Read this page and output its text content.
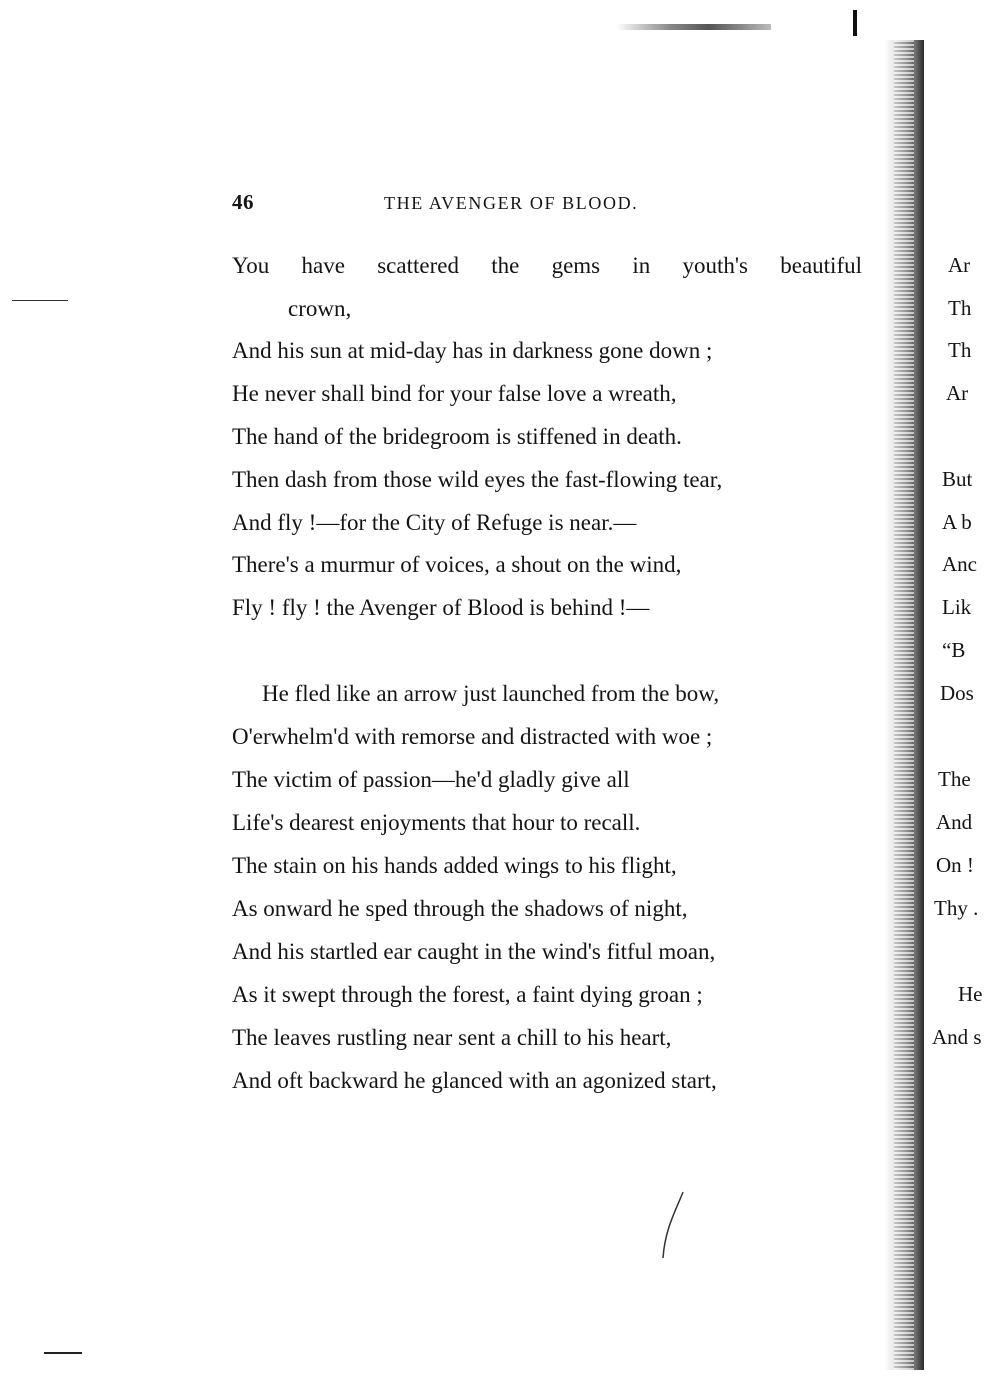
46	THE AVENGER OF BLOOD.
You have scattered the gems in youth's beautiful
crown,
And his sun at mid-day has in darkness gone down ;
He never shall bind for your false love a wreath,
The hand of the bridegroom is stiffened in death.
Then dash from those wild eyes the fast-flowing tear,
And fly !—for the City of Refuge is near.—
There's a murmur of voices, a shout on the wind,
Fly ! fly ! the Avenger of Blood is behind !—
He fled like an arrow just launched from the bow,
O'erwhelm'd with remorse and distracted with woe ;
The victim of passion—he'd gladly give all
Life's dearest enjoyments that hour to recall.
The stain on his hands added wings to his flight,
As onward he sped through the shadows of night,
And his startled ear caught in the wind's fitful moan,
As it swept through the forest, a faint dying groan ;
The leaves rustling near sent a chill to his heart,
And oft backward he glanced with an agonized start,
Ar
Th
Th
Ar
But
A b
Anc
Lik
“B
Dos
The
And
On !
Thy .
He
And s
